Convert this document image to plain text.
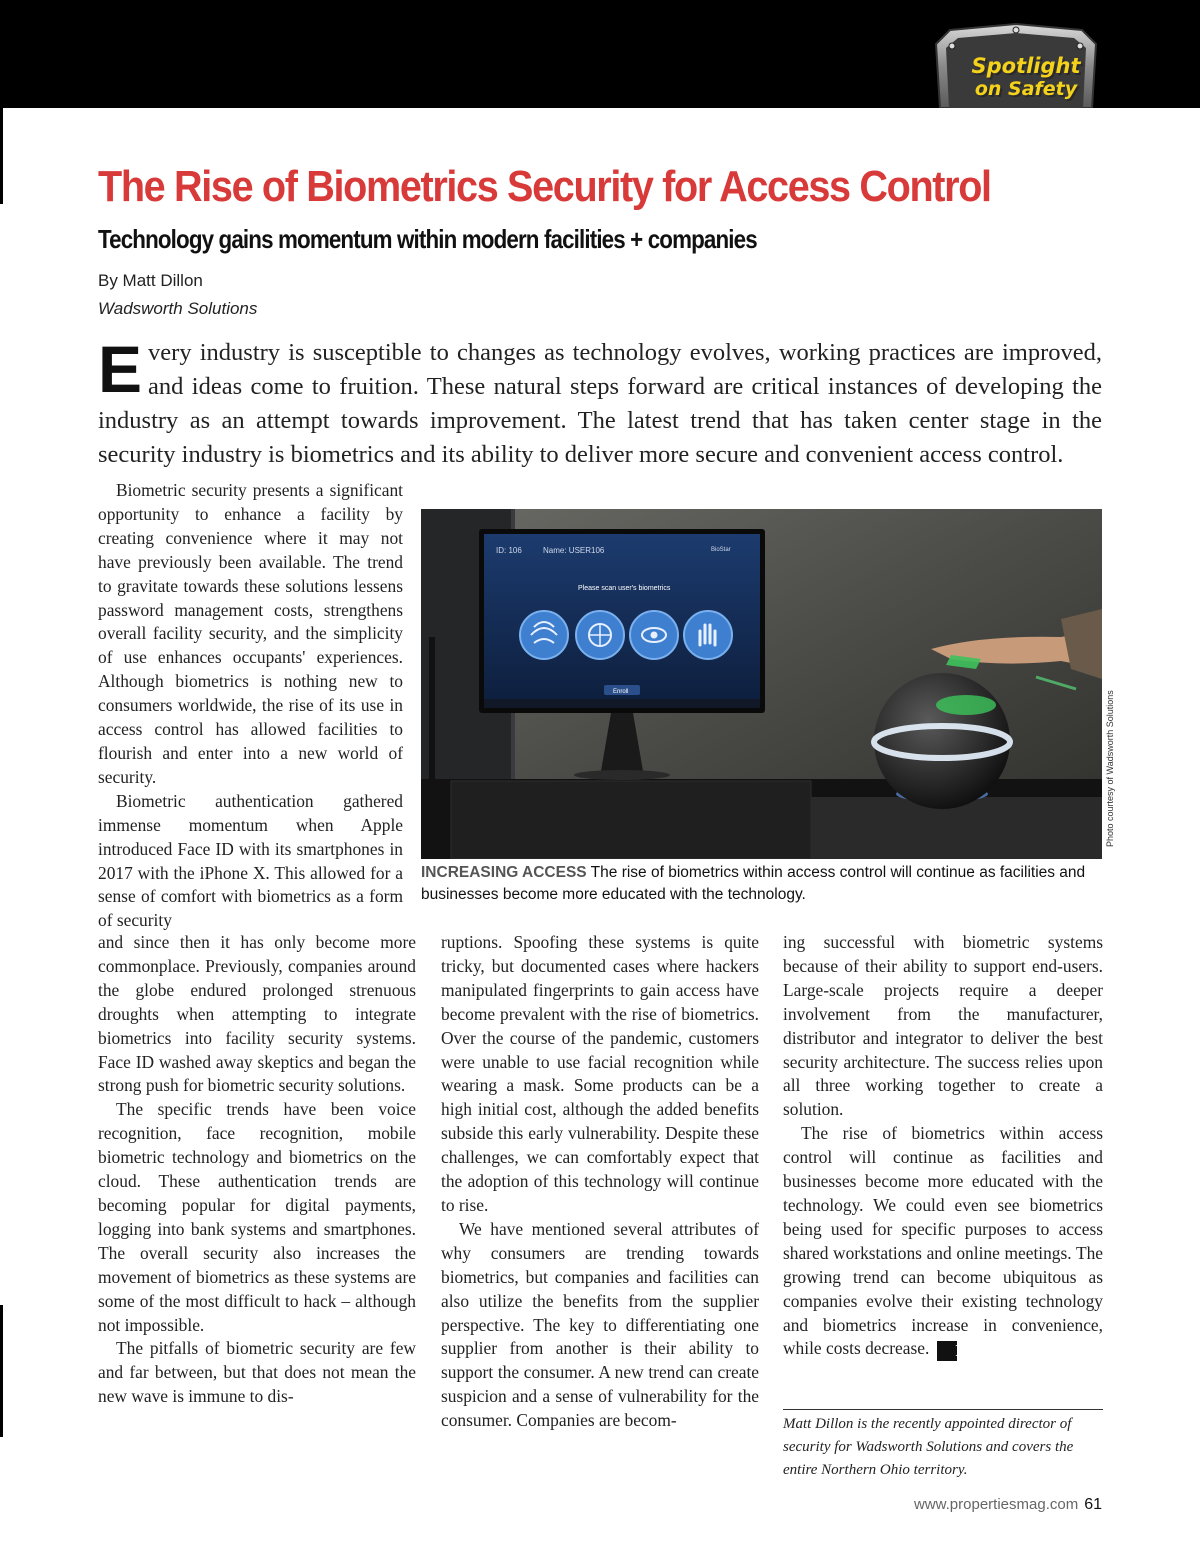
Spotlight
on Safety
The Rise of Biometrics Security for Access Control
Technology gains momentum within modern facilities + companies
By Matt Dillon
Wadsworth Solutions
Every industry is susceptible to changes as technology evolves, working practices are improved, and ideas come to fruition. These natural steps forward are critical instances of developing the industry as an attempt towards improvement. The latest trend that has taken center stage in the security industry is biometrics and its ability to deliver more secure and convenient access control.

Biometric security presents a significant opportunity to enhance a facility by creating convenience where it may not have previously been available. The trend to gravitate towards these solutions lessens password management costs, strengthens overall facility security, and the simplicity of use enhances occupants' experiences. Although biometrics is nothing new to consumers worldwide, the rise of its use in access control has allowed facilities to flourish and enter into a new world of security.

Biometric authentication gathered immense momentum when Apple introduced Face ID with its smartphones in 2017 with the iPhone X. This allowed for a sense of comfort with biometrics as a form of security

and since then it has only become more commonplace. Previously, companies around the globe endured prolonged strenuous droughts when attempting to integrate biometrics into facility security systems. Face ID washed away skeptics and began the strong push for biometric security solutions.

The specific trends have been voice recognition, face recognition, mobile biometric technology and biometrics on the cloud. These authentication trends are becoming popular for digital payments, logging into bank systems and smartphones. The overall security also increases the movement of biometrics as these systems are some of the most difficult to hack – although not impossible.

The pitfalls of biometric security are few and far between, but that does not mean the new wave is immune to dis-

ruptions. Spoofing these systems is quite tricky, but documented cases where hackers manipulated fingerprints to gain access have become prevalent with the rise of biometrics. Over the course of the pandemic, customers were unable to use facial recognition while wearing a mask. Some products can be a high initial cost, although the added benefits subside this early vulnerability. Despite these challenges, we can comfortably expect that the adoption of this technology will continue to rise.

We have mentioned several attributes of why consumers are trending towards biometrics, but companies and facilities can also utilize the benefits from the supplier perspective. The key to differentiating one supplier from another is their ability to support the consumer. A new trend can create suspicion and a sense of vulnerability for the consumer. Companies are becom-

ing successful with biometric systems because of their ability to support end-users. Large-scale projects require a deeper involvement from the manufacturer, distributor and integrator to deliver the best security architecture. The success relies upon all three working together to create a solution.

The rise of biometrics within access control will continue as facilities and businesses become more educated with the technology. We could even see biometrics being used for specific purposes to access shared workstations and online meetings. The growing trend can become ubiquitous as companies evolve their existing technology and biometrics increase in convenience, while costs decrease. P

ID: 106	Name: USER106	BioStar
Please scan user's biometrics
Enroll	Photo courtesy of Wadsworth Solutions
INCREASING ACCESS The rise of biometrics within access control will continue as facilities and businesses become more educated with the technology.
Matt Dillon is the recently appointed director of security for Wadsworth Solutions and covers the entire Northern Ohio territory.
www.propertiesmag.com 61
